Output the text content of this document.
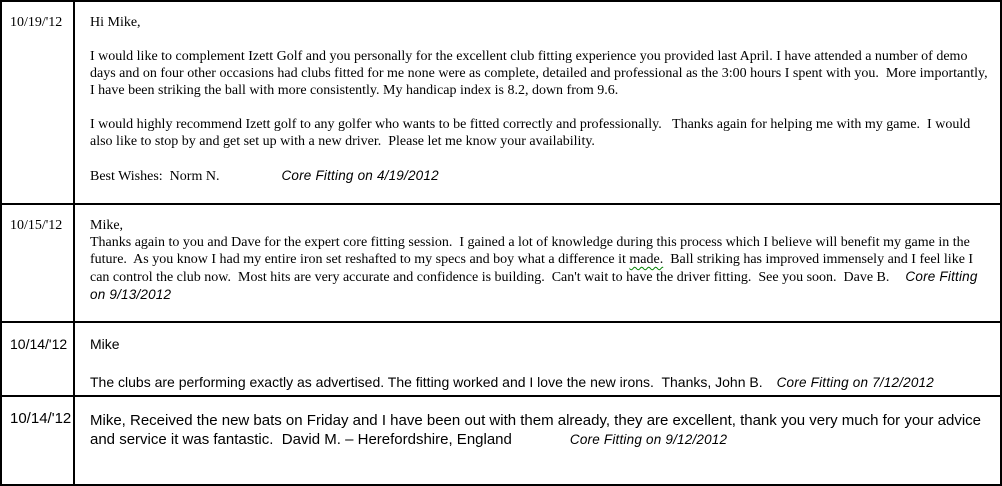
10/19/'12	Hi Mike,

I would like to complement Izett Golf and you personally for the excellent club fitting experience you provided last April. I have attended a number of demo days and on four other occasions had clubs fitted for me none were as complete, detailed and professional as the 3:00 hours I spent with you.  More importantly, I have been striking the ball with more consistently. My handicap index is 8.2, down from 9.6.

I would highly recommend Izett golf to any golfer who wants to be fitted correctly and professionally.   Thanks again for helping me with my game.  I would also like to stop by and get set up with a new driver.  Please let me know your availability.

Best Wishes:  Norm N.	Core Fitting on 4/19/2012

10/15/'12	Mike,

Thanks again to you and Dave for the expert core fitting session.  I gained a lot of knowledge during this process which I believe will benefit my game in the future.  As you know I had my entire iron set reshafted to my specs and boy what a difference it made.  Ball striking has improved immensely and I feel like I can control the club now.  Most hits are very accurate and confidence is building.  Can't wait to have the driver fitting.  See you soon.  Dave B. Core Fitting on 9/13/2012

10/14/'12	Mike

The clubs are performing exactly as advertised. The fitting worked and I love the new irons.  Thanks, John B. Core Fitting on 7/12/2012

10/14/'12 Mike, Received the new bats on Friday and I have been out with them already, they are excellent, thank you very much for your advice and service it was fantastic.  David M. – Herefordshire, England	Core Fitting on 9/12/2012
